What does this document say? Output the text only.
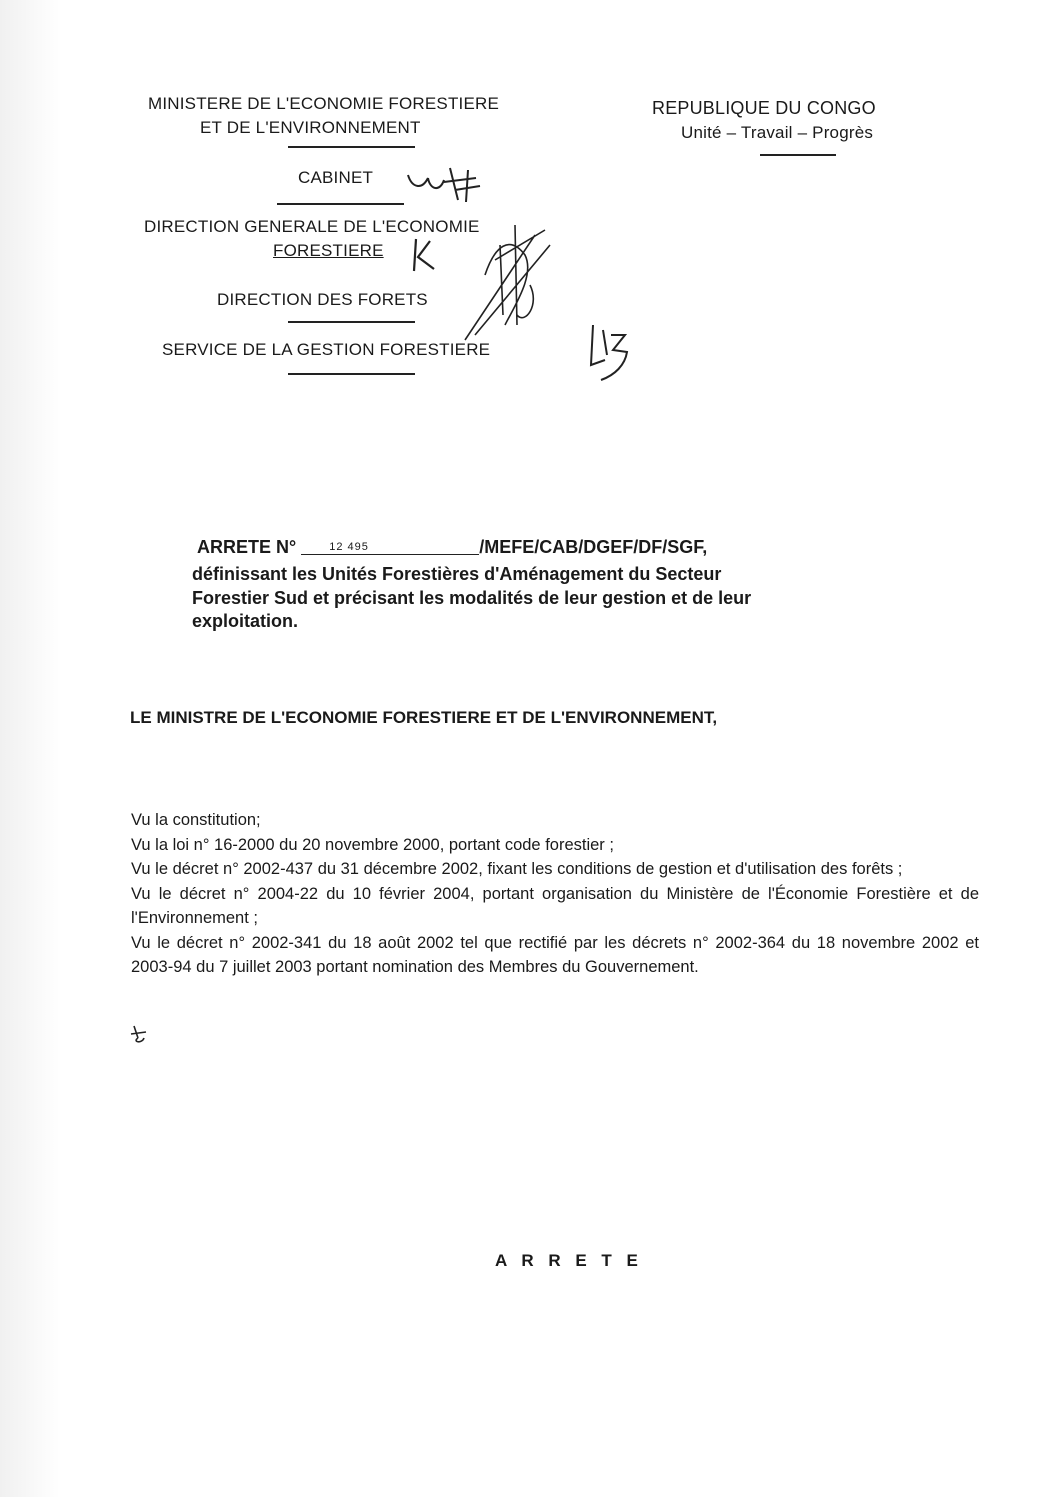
MINISTERE DE L'ECONOMIE FORESTIERE
ET DE L'ENVIRONNEMENT
CABINET
DIRECTION GENERALE DE L'ECONOMIE
FORESTIERE
DIRECTION DES FORETS
SERVICE DE LA GESTION FORESTIERE
REPUBLIQUE DU CONGO
Unité – Travail – Progrès
ARRETE N°	12 495	/MEFE/CAB/DGEF/DF/SGF,
définissant les Unités Forestières d'Aménagement du Secteur
Forestier Sud et précisant les modalités de leur gestion et de leur
exploitation.
LE MINISTRE DE L'ECONOMIE FORESTIERE ET DE L'ENVIRONNEMENT,

Vu la constitution;

Vu la loi n° 16-2000 du 20 novembre 2000, portant code forestier ;

Vu le décret n° 2002-437 du 31 décembre 2002, fixant les conditions de gestion et d'utilisation des forêts ;

Vu le décret n° 2004-22 du 10 février 2004, portant organisation du Ministère de l'Économie Forestière et de l'Environnement ;

Vu le décret n° 2002-341 du 18 août 2002 tel que rectifié par les décrets n° 2002-364 du 18 novembre 2002 et 2003-94 du 7 juillet 2003 portant nomination des Membres du Gouvernement.

A R R E T E
